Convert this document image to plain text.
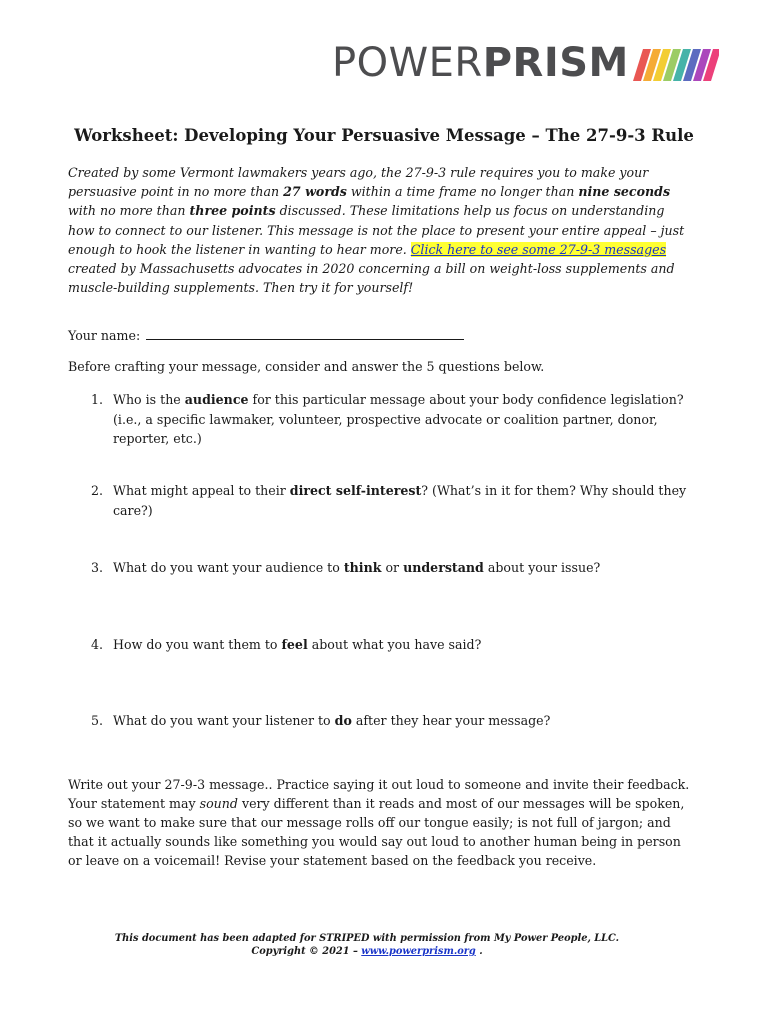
POWERPRISM
Worksheet: Developing Your Persuasive Message – The 27-9-3 Rule
Created by some Vermont lawmakers years ago, the 27-9-3 rule requires you to make your persuasive point in no more than 27 words within a time frame no longer than nine seconds with no more than three points discussed. These limitations help us focus on understanding how to connect to our listener. This message is not the place to present your entire appeal – just enough to hook the listener in wanting to hear more. Click here to see some 27-9-3 messages created by Massachusetts advocates in 2020 concerning a bill on weight-loss supplements and muscle-building supplements. Then try it for yourself!
Your name:
Before crafting your message, consider and answer the 5 questions below.
1. Who is the audience for this particular message about your body confidence legislation? (i.e., a specific lawmaker, volunteer, prospective advocate or coalition partner, donor, reporter, etc.)
2. What might appeal to their direct self-interest? (What’s in it for them? Why should they care?)
3. What do you want your audience to think or understand about your issue?
4. How do you want them to feel about what you have said?
5. What do you want your listener to do after they hear your message?
Write out your 27-9-3 message.. Practice saying it out loud to someone and invite their feedback. Your statement may sound very different than it reads and most of our messages will be spoken, so we want to make sure that our message rolls off our tongue easily; is not full of jargon; and that it actually sounds like something you would say out loud to another human being in person or leave on a voicemail! Revise your statement based on the feedback you receive.
This document has been adapted for STRIPED with permission from My Power People, LLC.
Copyright © 2021 – www.powerprism.org .
